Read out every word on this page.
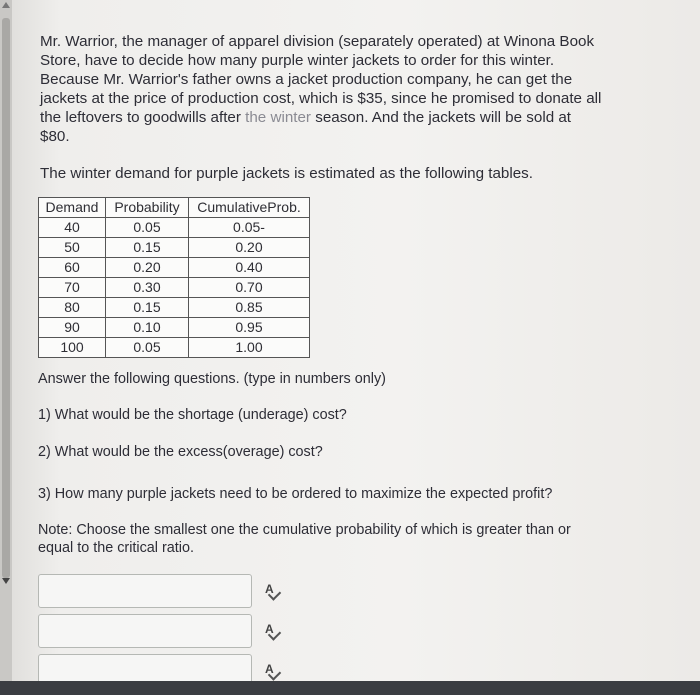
Mr. Warrior, the manager of apparel division (separately operated) at Winona Book
Store, have to decide how many purple winter jackets to order for this winter.
Because Mr. Warrior's father owns a jacket production company, he can get the
jackets at the price of production cost, which is $35, since he promised to donate all
the leftovers to goodwills after the winter season. And the jackets will be sold at
$80.
The winter demand for purple jackets is estimated as the following tables.
Demand	Probability	CumulativeProb.
40	0.05	0.05-
50	0.15	0.20
60	0.20	0.40
70	0.30	0.70
80	0.15	0.85
90	0.10	0.95
100	0.05	1.00
Answer the following questions. (type in numbers only)
1) What would be the shortage (underage) cost?
2) What would be the excess(overage) cost?
3) How many purple jackets need to be ordered to maximize the expected profit?
Note: Choose the smallest one the cumulative probability of which is greater than or
equal to the critical ratio.
A
A
A
